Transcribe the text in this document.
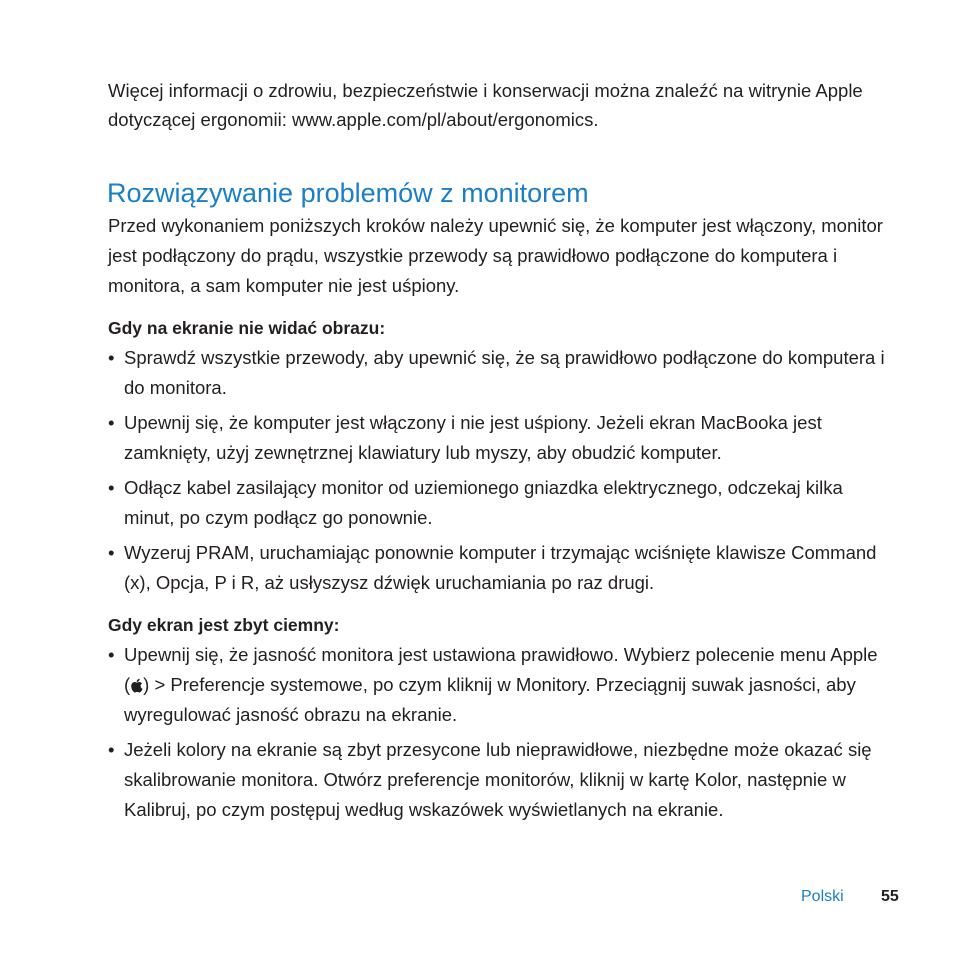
Więcej informacji o zdrowiu, bezpieczeństwie i konserwacji można znaleźć na witrynie Apple dotyczącej ergonomii: www.apple.com/pl/about/ergonomics.

Rozwiązywanie problemów z monitorem

Przed wykonaniem poniższych kroków należy upewnić się, że komputer jest włączony, monitor jest podłączony do prądu, wszystkie przewody są prawidłowo podłączone do komputera i monitora, a sam komputer nie jest uśpiony.

Gdy na ekranie nie widać obrazu:

• Sprawdź wszystkie przewody, aby upewnić się, że są prawidłowo podłączone do komputera i do monitora.
• Upewnij się, że komputer jest włączony i nie jest uśpiony. Jeżeli ekran MacBooka jest zamknięty, użyj zewnętrznej klawiatury lub myszy, aby obudzić komputer.
• Odłącz kabel zasilający monitor od uziemionego gniazdka elektrycznego, odczekaj kilka minut, po czym podłącz go ponownie.
• Wyzeruj PRAM, uruchamiając ponownie komputer i trzymając wciśnięte klawisze Command (x), Opcja, P i R, aż usłyszysz dźwięk uruchamiania po raz drugi.

Gdy ekran jest zbyt ciemny:

• Upewnij się, że jasność monitora jest ustawiona prawidłowo. Wybierz polecenie menu Apple ( ) > Preferencje systemowe, po czym kliknij w Monitory. Przeciągnij suwak jasności, aby wyregulować jasność obrazu na ekranie.
• Jeżeli kolory na ekranie są zbyt przesycone lub nieprawidłowe, niezbędne może okazać się skalibrowanie monitora. Otwórz preferencje monitorów, kliknij w kartę Kolor, następnie w Kalibruj, po czym postępuj według wskazówek wyświetlanych na ekranie.
Polski 55
